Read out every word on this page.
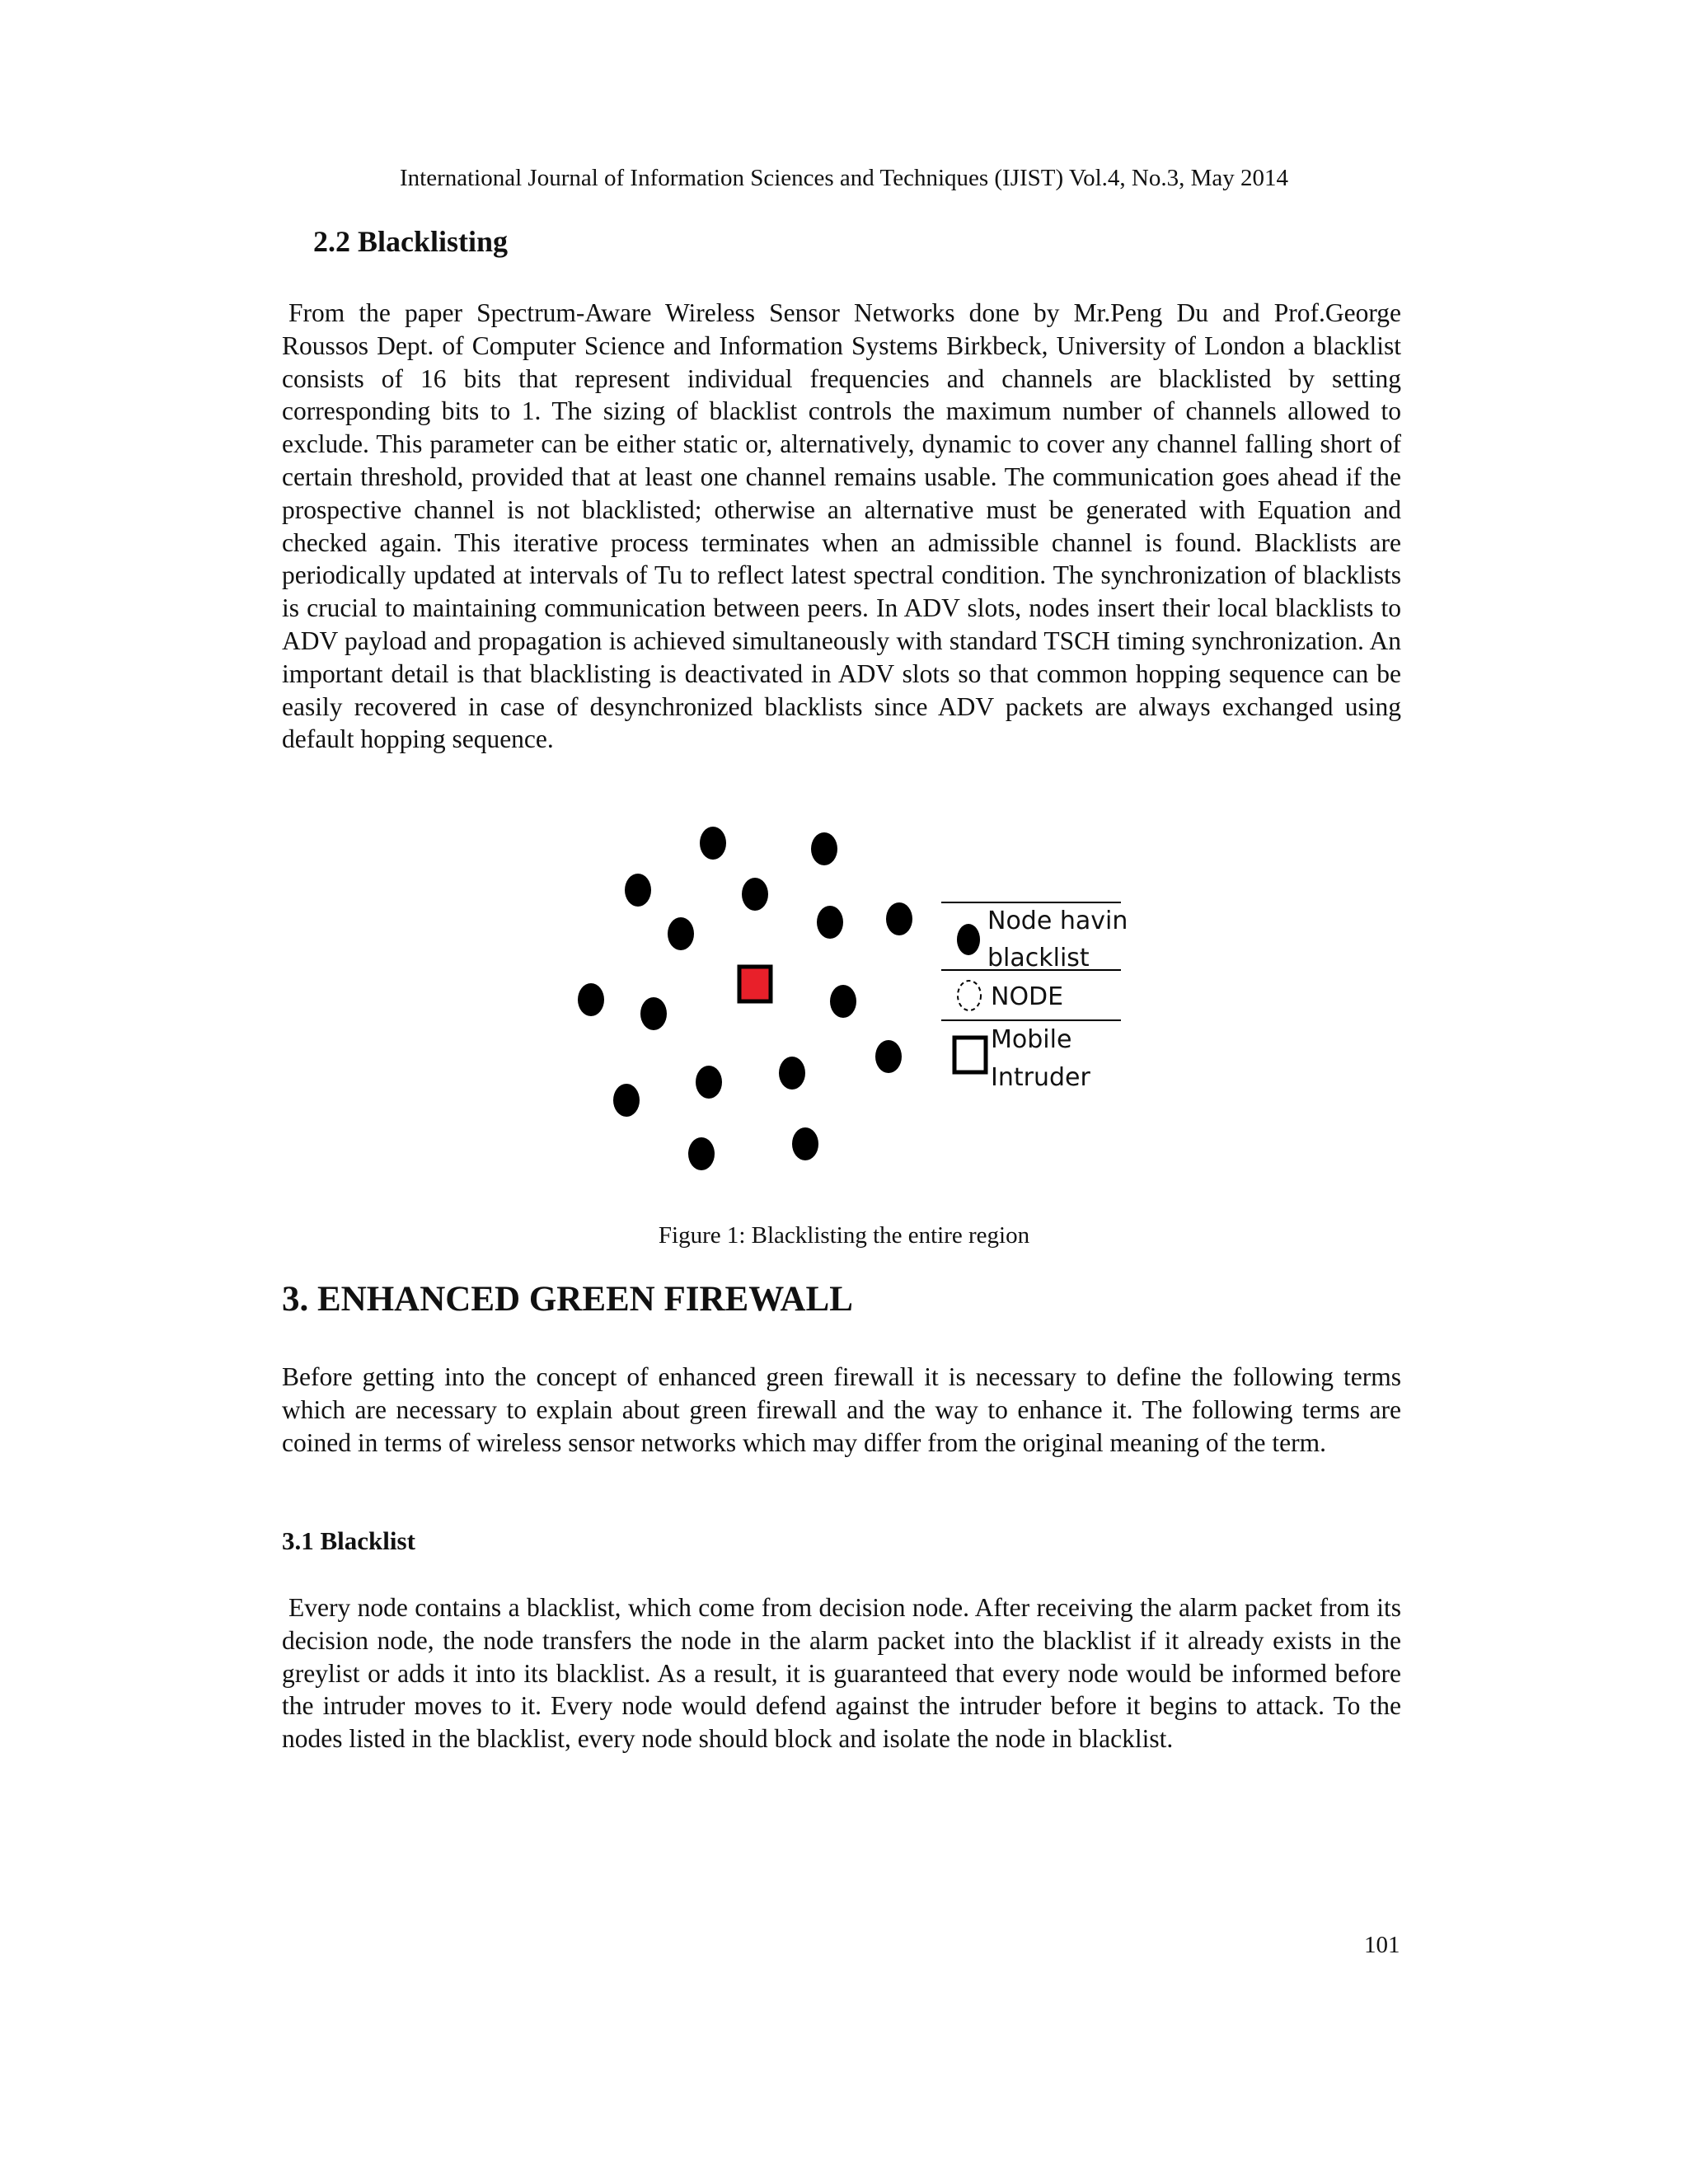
International Journal of Information Sciences and Techniques (IJIST) Vol.4, No.3, May 2014
2.2 Blacklisting

From the paper Spectrum-Aware Wireless Sensor Networks done by Mr.Peng Du and Prof.George Roussos Dept. of Computer Science and Information Systems Birkbeck, University of London a blacklist consists of 16 bits that represent individual frequencies and channels are blacklisted by setting corresponding bits to 1. The sizing of blacklist controls the maximum number of channels allowed to exclude. This parameter can be either static or, alternatively, dynamic to cover any channel falling short of certain threshold, provided that at least one channel remains usable. The communication goes ahead if the prospective channel is not blacklisted; otherwise an alternative must be generated with Equation and checked again. This iterative process terminates when an admissible channel is found. Blacklists are periodically updated at intervals of Tu to reflect latest spectral condition. The synchronization of blacklists is crucial to maintaining communication between peers. In ADV slots, nodes insert their local blacklists to ADV payload and propagation is achieved simultaneously with standard TSCH timing synchronization. An important detail is that blacklisting is deactivated in ADV slots so that common hopping sequence can be easily recovered in case of desynchronized blacklists since ADV packets are always exchanged using default hopping sequence.

Node having
blacklist
NODE
Mobile
Intruder
Figure 1: Blacklisting the entire region
3. ENHANCED GREEN FIREWALL

Before getting into the concept of enhanced green firewall it is necessary to define the following terms which are necessary to explain about green firewall and the way to enhance it. The following terms are coined in terms of wireless sensor networks which may differ from the original meaning of the term.

3.1 Blacklist

Every node contains a blacklist, which come from decision node. After receiving the alarm packet from its decision node, the node transfers the node in the alarm packet into the blacklist if it already exists in the greylist or adds it into its blacklist. As a result, it is guaranteed that every node would be informed before the intruder moves to it. Every node would defend against the intruder before it begins to attack. To the nodes listed in the blacklist, every node should block and isolate the node in blacklist.

101
